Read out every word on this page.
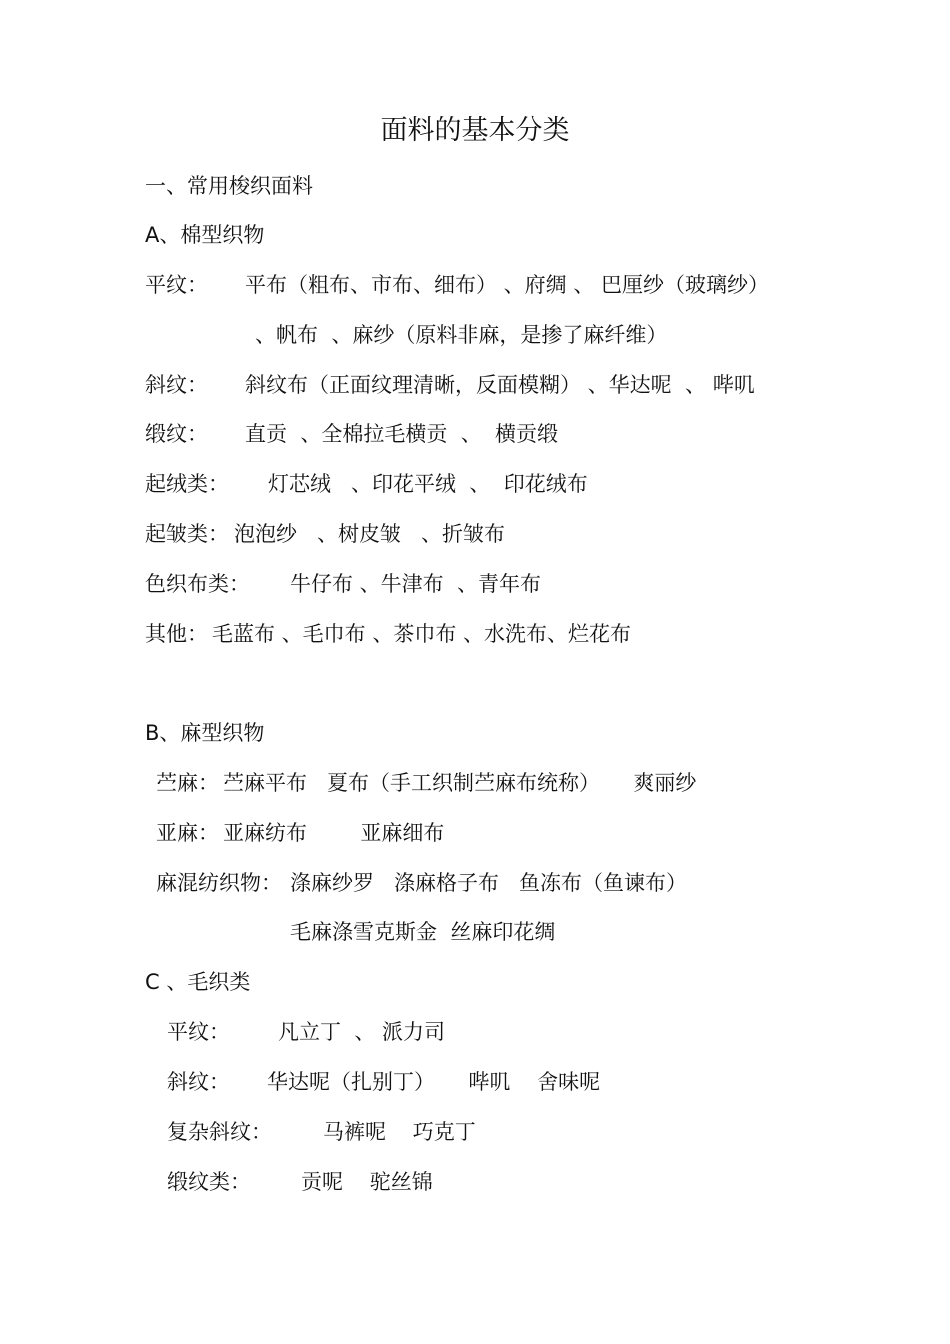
面料的基本分类
一、常用梭织面料
A、棉型织物
平纹： 平布（粗布、市布、细布） 、府绸 、 巴厘纱（玻璃纱）
、帆布  、麻纱（原料非麻，是掺了麻纤维）
斜纹： 斜纹布（正面纹理清晰，反面模糊） 、华达呢  、 哔叽
缎纹： 直贡  、全棉拉毛横贡  、  横贡缎
起绒类： 灯芯绒   、印花平绒  、  印花绒布
起皱类： 泡泡纱   、树皮皱   、折皱布
色织布类： 牛仔布 、牛津布  、青年布
其他： 毛蓝布 、毛巾布 、茶巾布 、水洗布、烂花布
B、麻型织物
苎麻： 苎麻平布   夏布（手工织制苎麻布统称）     爽丽纱
亚麻： 亚麻纺布        亚麻细布
麻混纺织物： 涤麻纱罗   涤麻格子布   鱼冻布（鱼谏布）
毛麻涤雪克斯金  丝麻印花绸
C 、毛织类
平纹： 凡立丁  、 派力司
斜纹： 华达呢（扎别丁）     哔叽    舍味呢
复杂斜纹： 马裤呢    巧克丁
缎纹类： 贡呢    驼丝锦
